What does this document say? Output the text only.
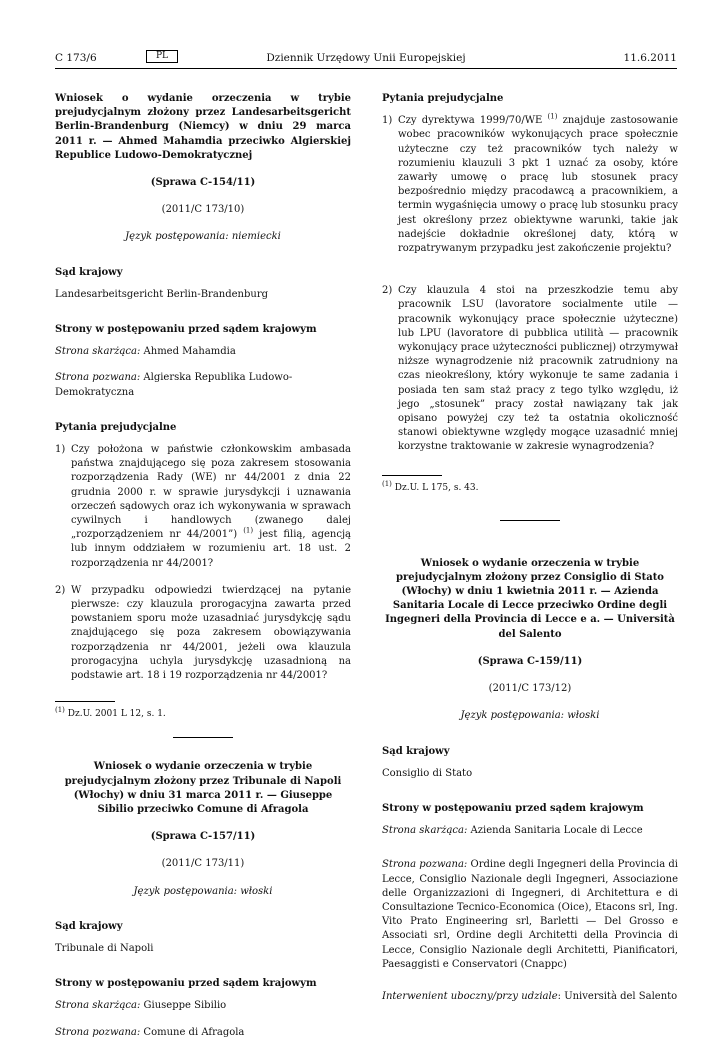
C 173/6	PL	Dziennik Urzędowy Unii Europejskiej	11.6.2011

Wniosek o wydanie orzeczenia w trybie prejudycjalnym złożony przez Landesarbeitsgericht Berlin-Brandenburg (Niemcy) w dniu 29 marca 2011 r. — Ahmed Mahamdia przeciwko Algierskiej Republice Ludowo-Demokratycznej

(Sprawa C-154/11)

(2011/C 173/10)

Język postępowania: niemiecki

Sąd krajowy

Landesarbeitsgericht Berlin-Brandenburg

Strony w postępowaniu przed sądem krajowym

Strona skarżąca: Ahmed Mahamdia

Strona pozwana: Algierska Republika Ludowo-Demokratyczna

Pytania prejudycjalne

1) Czy położona w państwie członkowskim ambasada państwa znajdującego się poza zakresem stosowania rozporządzenia Rady (WE) nr 44/2001 z dnia 22 grudnia 2000 r. w sprawie jurysdykcji i uznawania orzeczeń sądowych oraz ich wykonywania w sprawach cywilnych i handlowych (zwanego dalej „rozporządzeniem nr 44/2001”) $^{(1)}$ jest filią, agencją lub innym oddziałem w rozumieniu art. 18 ust. 2 rozporządzenia nr 44/2001?
2) W przypadku odpowiedzi twierdzącej na pytanie pierwsze: czy klauzula prorogacyjna zawarta przed powstaniem sporu może uzasadniać jurysdykcję sądu znajdującego się poza zakresem obowiązywania rozporządzenia nr 44/2001, jeżeli owa klauzula prorogacyjna uchyla jurysdykcję uzasadnioną na podstawie art. 18 i 19 rozporządzenia nr 44/2001?

$^{(1)}$ Dz.U. 2001 L 12, s. 1.

Wniosek o wydanie orzeczenia w trybie prejudycjalnym złożony przez Tribunale di Napoli (Włochy) w dniu 31 marca 2011 r. — Giuseppe Sibilio przeciwko Comune di Afragola

(Sprawa C-157/11)

(2011/C 173/11)

Język postępowania: włoski

Sąd krajowy

Tribunale di Napoli

Strony w postępowaniu przed sądem krajowym

Strona skarżąca: Giuseppe Sibilio

Strona pozwana: Comune di Afragola

Pytania prejudycjalne

1) Czy dyrektywa 1999/70/WE $^{(1)}$ znajduje zastosowanie wobec pracowników wykonujących prace społecznie użyteczne czy też pracowników tych należy w rozumieniu klauzuli 3 pkt 1 uznać za osoby, które zawarły umowę o pracę lub stosunek pracy bezpośrednio między pracodawcą a pracownikiem, a termin wygaśnięcia umowy o pracę lub stosunku pracy jest określony przez obiektywne warunki, takie jak nadejście dokładnie określonej daty, którą w rozpatrywanym przypadku jest zakończenie projektu?
2) Czy klauzula 4 stoi na przeszkodzie temu aby pracownik LSU (lavoratore socialmente utile — pracownik wykonujący prace społecznie użyteczne) lub LPU (lavoratore di pubblica utilità — pracownik wykonujący prace użyteczności publicznej) otrzymywał niższe wynagrodzenie niż pracownik zatrudniony na czas nieokreślony, który wykonuje te same zadania i posiada ten sam staż pracy z tego tylko względu, iż jego „stosunek” pracy został nawiązany tak jak opisano powyżej czy też ta ostatnia okoliczność stanowi obiektywne względy mogące uzasadnić mniej korzystne traktowanie w zakresie wynagrodzenia?

$^{(1)}$ Dz.U. L 175, s. 43.

Wniosek o wydanie orzeczenia w trybie prejudycjalnym złożony przez Consiglio di Stato (Włochy) w dniu 1 kwietnia 2011 r. — Azienda Sanitaria Locale di Lecce przeciwko Ordine degli Ingegneri della Provincia di Lecce e a. — Università del Salento

(Sprawa C-159/11)

(2011/C 173/12)

Język postępowania: włoski

Sąd krajowy

Consiglio di Stato

Strony w postępowaniu przed sądem krajowym

Strona skarżąca: Azienda Sanitaria Locale di Lecce

Strona pozwana: Ordine degli Ingegneri della Provincia di Lecce, Consiglio Nazionale degli Ingegneri, Associazione delle Organizzazioni di Ingegneri, di Architettura e di Consultazione Tecnico-Economica (Oice), Etacons srl, Ing. Vito Prato Engineering srl, Barletti — Del Grosso e Associati srl, Ordine degli Architetti della Provincia di Lecce, Consiglio Nazionale degli Architetti, Pianificatori, Paesaggisti e Conservatori (Cnappc)

Interwenient uboczny/przy udziale: Università del Salento
